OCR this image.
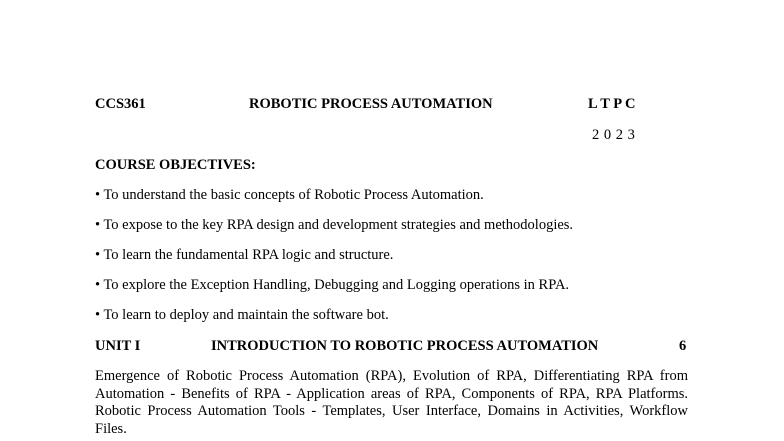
CCS361	ROBOTIC PROCESS AUTOMATION	L T P C
2 0 2 3
COURSE OBJECTIVES:
• To understand the basic concepts of Robotic Process Automation.
• To expose to the key RPA design and development strategies and methodologies.
• To learn the fundamental RPA logic and structure.
• To explore the Exception Handling, Debugging and Logging operations in RPA.
• To learn to deploy and maintain the software bot.
UNIT I	INTRODUCTION TO ROBOTIC PROCESS AUTOMATION	6
Emergence of Robotic Process Automation (RPA), Evolution of RPA, Differentiating RPA from Automation - Benefits of RPA - Application areas of RPA, Components of RPA, RPA Platforms. Robotic Process Automation Tools - Templates, User Interface, Domains in Activities, Workflow Files.
